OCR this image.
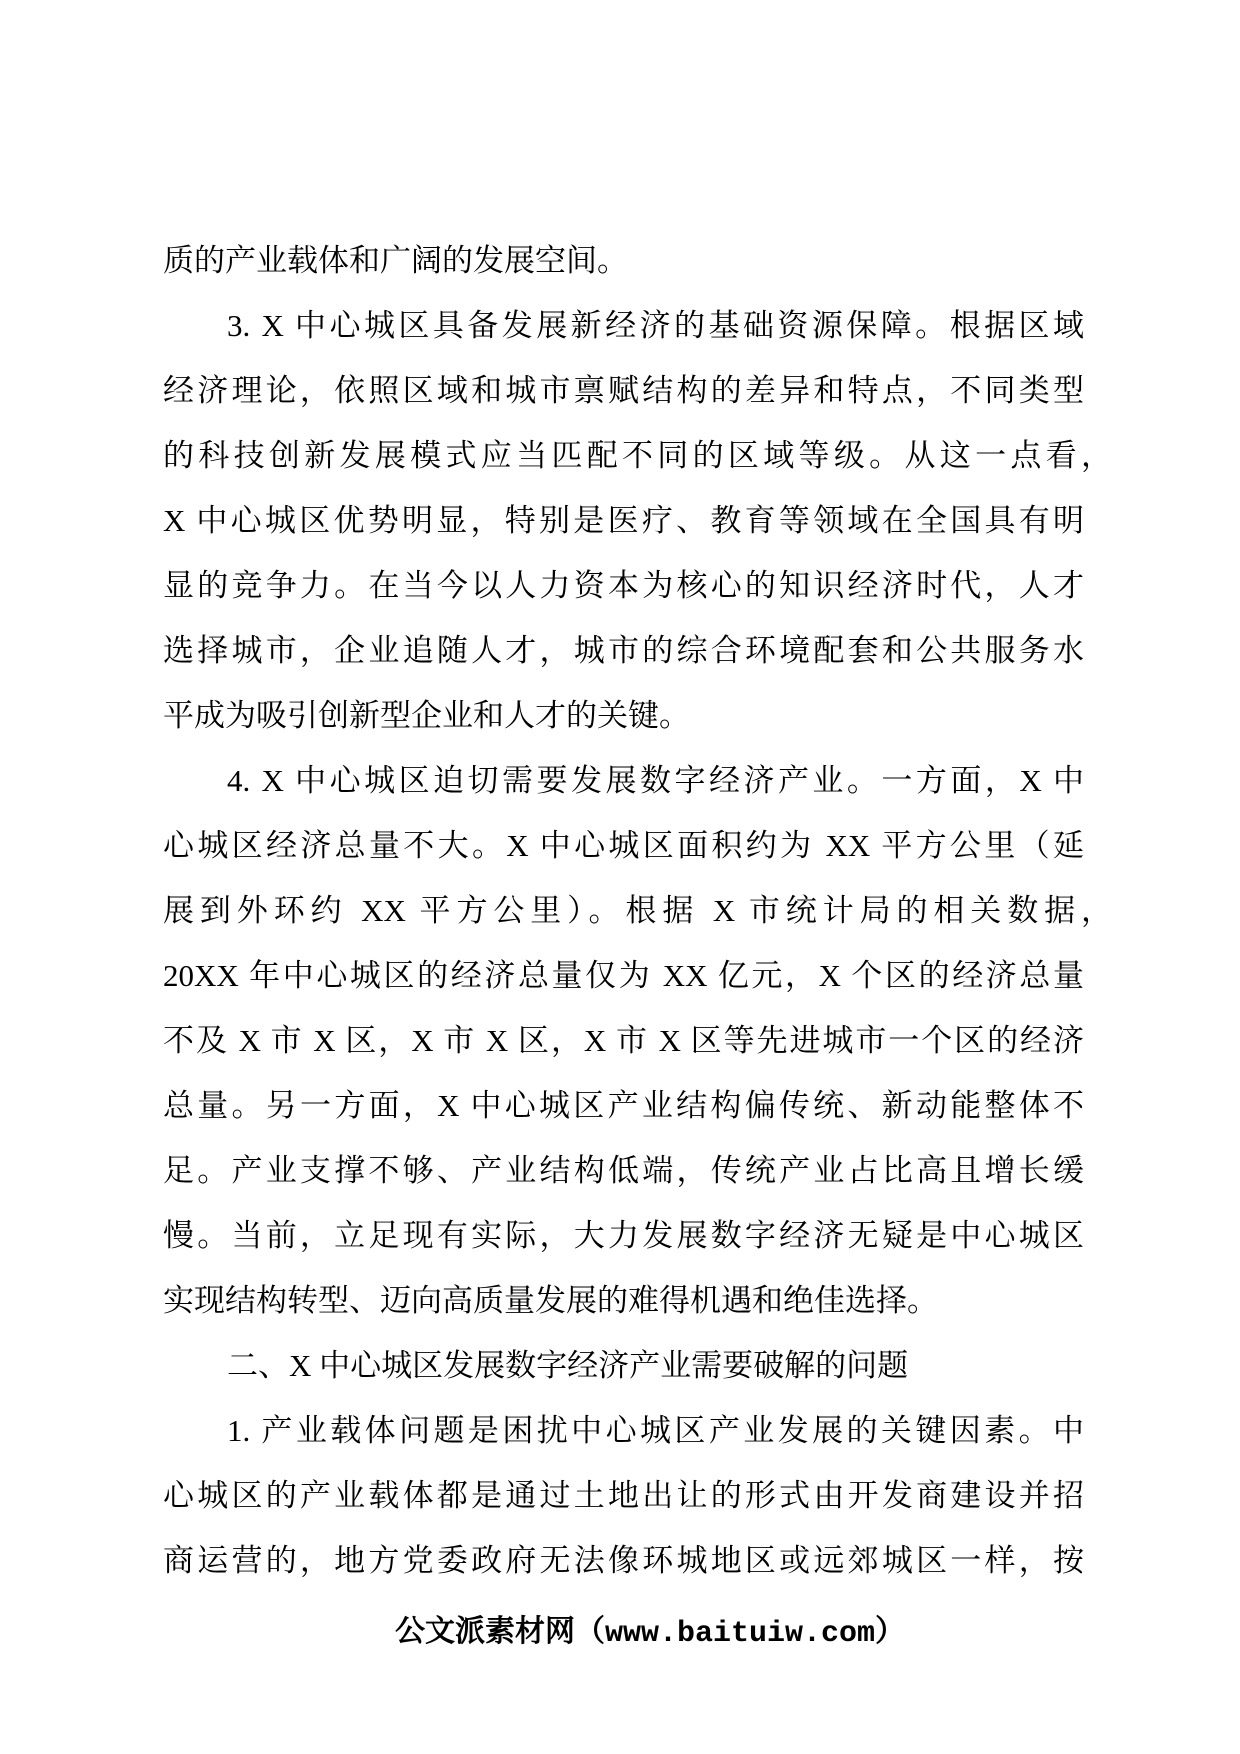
质的产业载体和广阔的发展空间。
3. X 中心城区具备发展新经济的基础资源保障。根据区域
经济理论，依照区域和城市禀赋结构的差异和特点，不同类型
的科技创新发展模式应当匹配不同的区域等级。从这一点看，
X 中心城区优势明显，特别是医疗、教育等领域在全国具有明
显的竞争力。在当今以人力资本为核心的知识经济时代，人才
选择城市，企业追随人才，城市的综合环境配套和公共服务水
平成为吸引创新型企业和人才的关键。
4. X 中心城区迫切需要发展数字经济产业。一方面，X 中
心城区经济总量不大。X 中心城区面积约为 XX 平方公里（延
展到外环约 XX 平方公里）。根据 X 市统计局的相关数据，
20XX 年中心城区的经济总量仅为 XX 亿元，X 个区的经济总量
不及 X 市 X 区，X 市 X 区，X 市 X 区等先进城市一个区的经济
总量。另一方面，X 中心城区产业结构偏传统、新动能整体不
足。产业支撑不够、产业结构低端，传统产业占比高且增长缓
慢。当前，立足现有实际，大力发展数字经济无疑是中心城区
实现结构转型、迈向高质量发展的难得机遇和绝佳选择。
二、X 中心城区发展数字经济产业需要破解的问题
1. 产业载体问题是困扰中心城区产业发展的关键因素。中
心城区的产业载体都是通过土地出让的形式由开发商建设并招
商运营的，地方党委政府无法像环城地区或远郊城区一样，按
公文派素材网（www.baituiw.com）
